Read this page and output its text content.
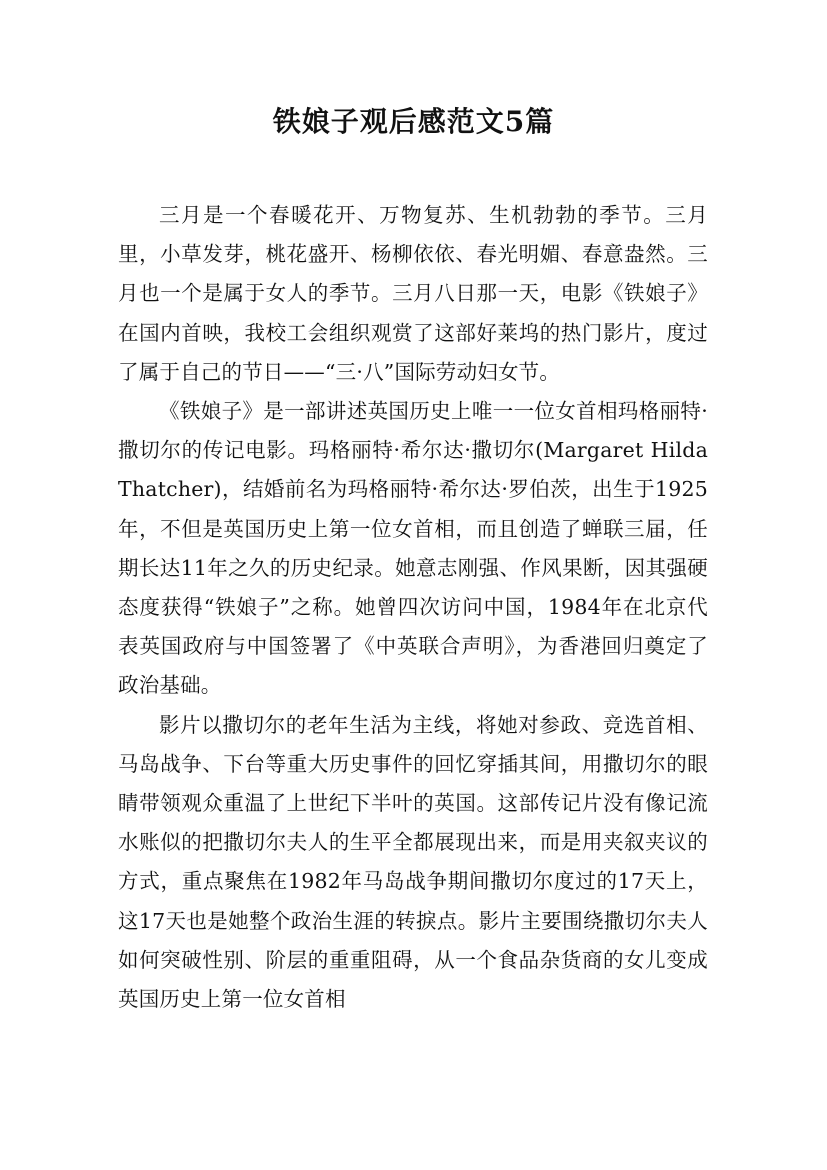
铁娘子观后感范文5篇

三月是一个春暖花开、万物复苏、生机勃勃的季节。三月里，小草发芽，桃花盛开、杨柳依依、春光明媚、春意盎然。三月也一个是属于女人的季节。三月八日那一天，电影《铁娘子》在国内首映，我校工会组织观赏了这部好莱坞的热门影片，度过了属于自己的节日——“三·八”国际劳动妇女节。

《铁娘子》是一部讲述英国历史上唯一一位女首相玛格丽特·撒切尔的传记电影。玛格丽特·希尔达·撒切尔(Margaret Hilda Thatcher)，结婚前名为玛格丽特·希尔达·罗伯茨，出生于1925年，不但是英国历史上第一位女首相，而且创造了蝉联三届，任期长达11年之久的历史纪录。她意志刚强、作风果断，因其强硬态度获得“铁娘子”之称。她曾四次访问中国，1984年在北京代表英国政府与中国签署了《中英联合声明》，为香港回归奠定了政治基础。

影片以撒切尔的老年生活为主线，将她对参政、竞选首相、马岛战争、下台等重大历史事件的回忆穿插其间，用撒切尔的眼睛带领观众重温了上世纪下半叶的英国。这部传记片没有像记流水账似的把撒切尔夫人的生平全都展现出来，而是用夹叙夹议的方式，重点聚焦在1982年马岛战争期间撒切尔度过的17天上，这17天也是她整个政治生涯的转捩点。影片主要围绕撒切尔夫人如何突破性别、阶层的重重阻碍，从一个食品杂货商的女儿变成英国历史上第一位女首相
